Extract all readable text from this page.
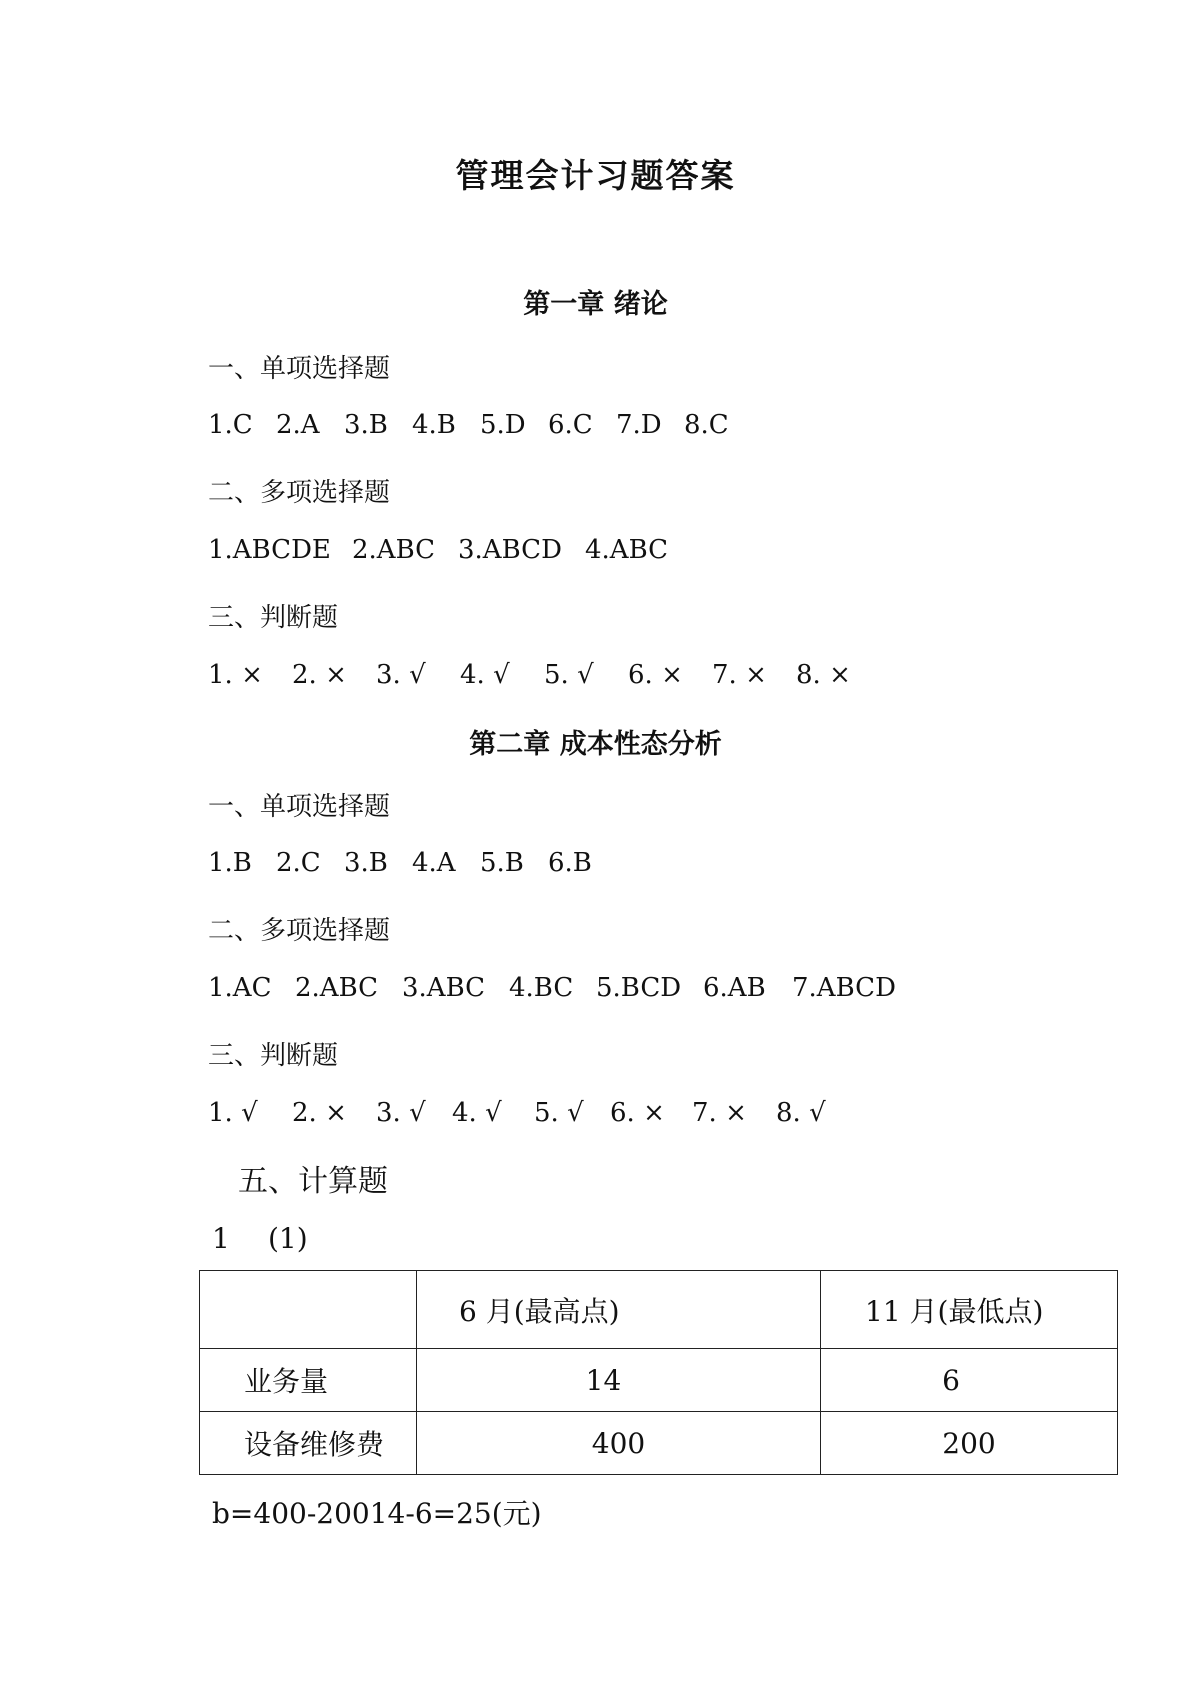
管理会计习题答案
第一章 绪论
一、单项选择题
1.C 2.A 3.B 4.B 5.D 6.C 7.D 8.C
二、多项选择题
1.ABCDE 2.ABC 3.ABCD 4.ABC
三、判断题
1. ×	2. ×	3. √	4. √	5. √	6. ×	7. ×	8. ×
第二章 成本性态分析
一、单项选择题
1.B 2.C 3.B 4.A 5.B 6.B
二、多项选择题
1.AC 2.ABC 3.ABC 4.BC 5.BCD 6.AB	7.ABCD
三、判断题
1. √	2. ×	3. √	4. √	5. √	6. ×	7. ×	8. √
五、计算题
1 (1)
	6 月(最高点)	11 月(最低点)
业务量	14	6
设备维修费	400	200
b=400-20014-6=25(元)
